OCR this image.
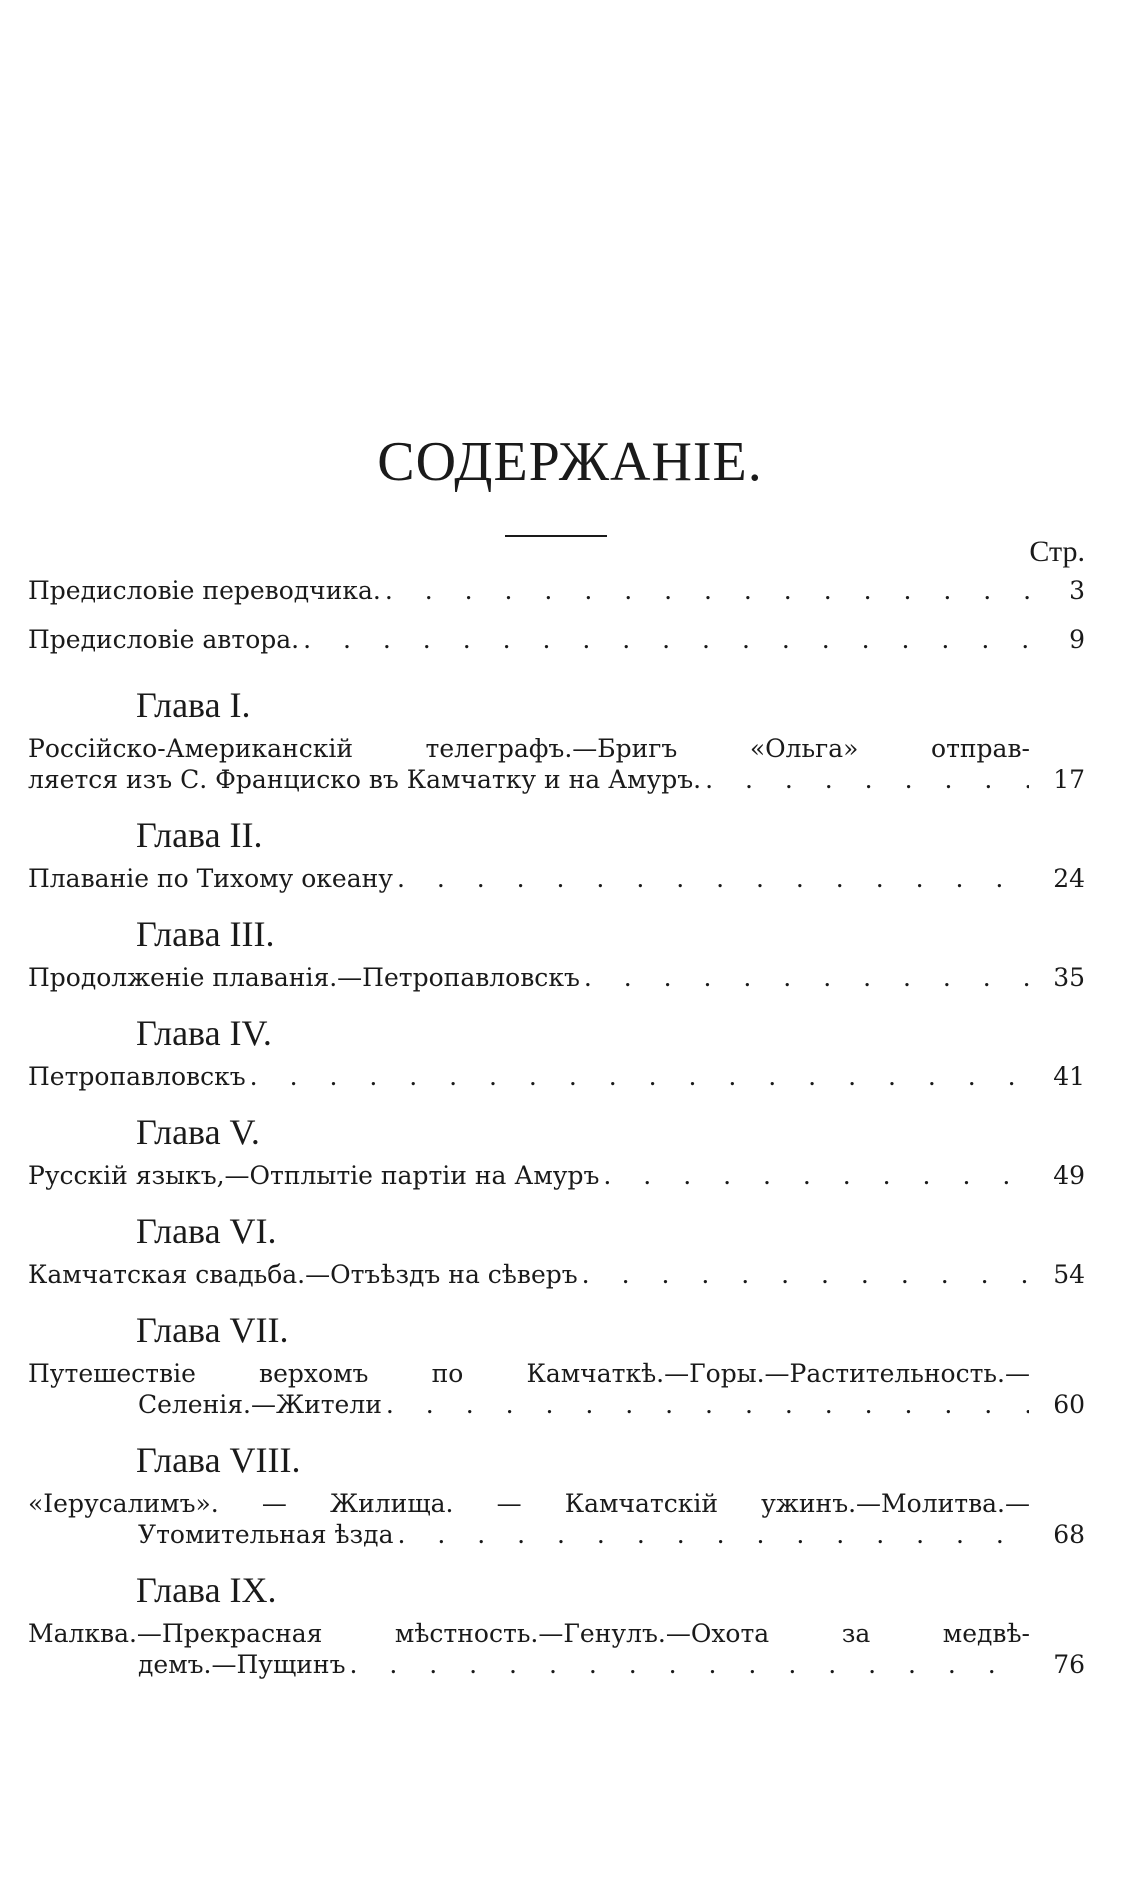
СОДЕРЖАНІЕ.
Стр.
Предисловіе переводчика. . . .	3
Предисловіе автора. . . .	9
Глава I.
Россійско-Американскій телеграфъ.—Бригъ «Ольга» отправ-
ляется изъ С. Франциско въ Камчатку и на Амуръ. . . .	17
Глава II.
Плаваніе по Тихому океану . . .	24
Глава III.
Продолженіе плаванія.—Петропавловскъ . . .	35
Глава IV.
Петропавловскъ . . .	41
Глава V.
Русскій языкъ,—Отплытіе партіи на Амуръ . . .	49
Глава VI.
Камчатская свадьба.—Отъѣздъ на сѣверъ . . .	54
Глава VII.
Путешествіе верхомъ по Камчаткѣ.—Горы.—Растительность.—
Селенія.—Жители . . .	60
Глава VIII.
«Іерусалимъ». — Жилища. — Камчатскій ужинъ.—Молитва.—
Утомительная ѣзда . . .	68
Глава IX.
Малква.—Прекрасная мѣстность.—Генулъ.—Охота за медвѣ-
демъ.—Пущинъ . . .	76
